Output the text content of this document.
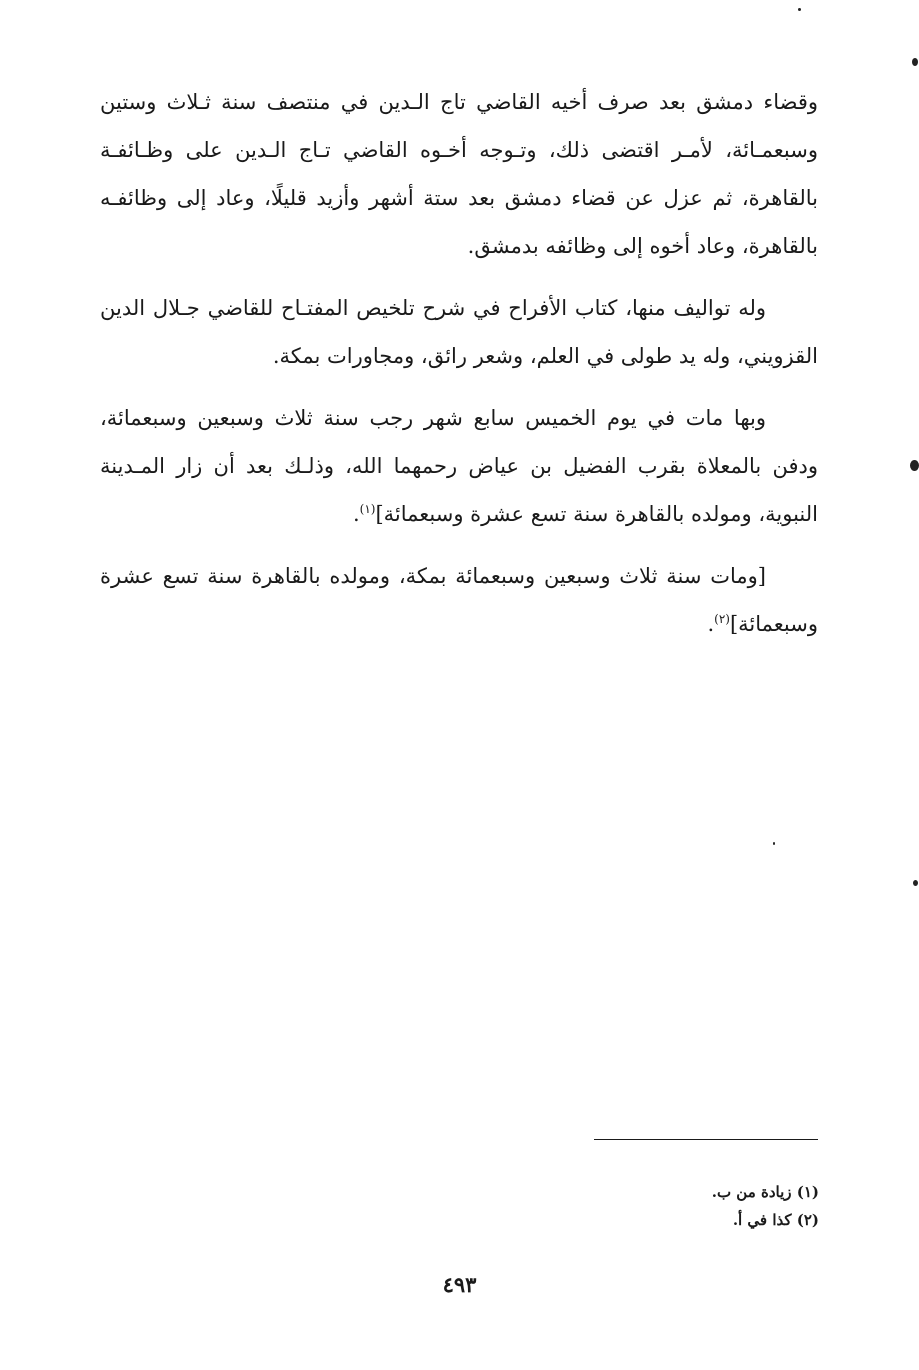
وقضاء دمشق بعد صرف أخيه القاضي تاج الـدين في منتصف سنة ثـلاث وستين وسبعمـائة، لأمـر اقتضى ذلك، وتـوجه أخـوه القاضي تـاج الـدين على وظـائفـة بالقاهرة، ثم عزل عن قضاء دمشق بعد ستة أشهر وأزيد قليلًا، وعاد إلى وظائفـه بالقاهرة، وعاد أخوه إلى وظائفه بدمشق.

وله تواليف منها، كتاب الأفراح في شرح تلخيص المفتـاح للقاضي جـلال الدين القزويني، وله يد طولى في العلم، وشعر رائق، ومجاورات بمكة.

وبها مات في يوم الخميس سابع شهر رجب سنة ثلاث وسبعين وسبعمائة، ودفن بالمعلاة بقرب الفضيل بن عياض رحمهما الله، وذلـك بعد أن زار المـدينة النبوية، ومولده بالقاهرة سنة تسع عشرة وسبعمائة]$^{(١)}$.

[ومات سنة ثلاث وسبعين وسبعمائة بمكة، ومولده بالقاهرة سنة تسع عشرة وسبعمائة]$^{(٢)}$.

(١) زيادة من ب.

(٢) كذا في أ.

٤٩٣
